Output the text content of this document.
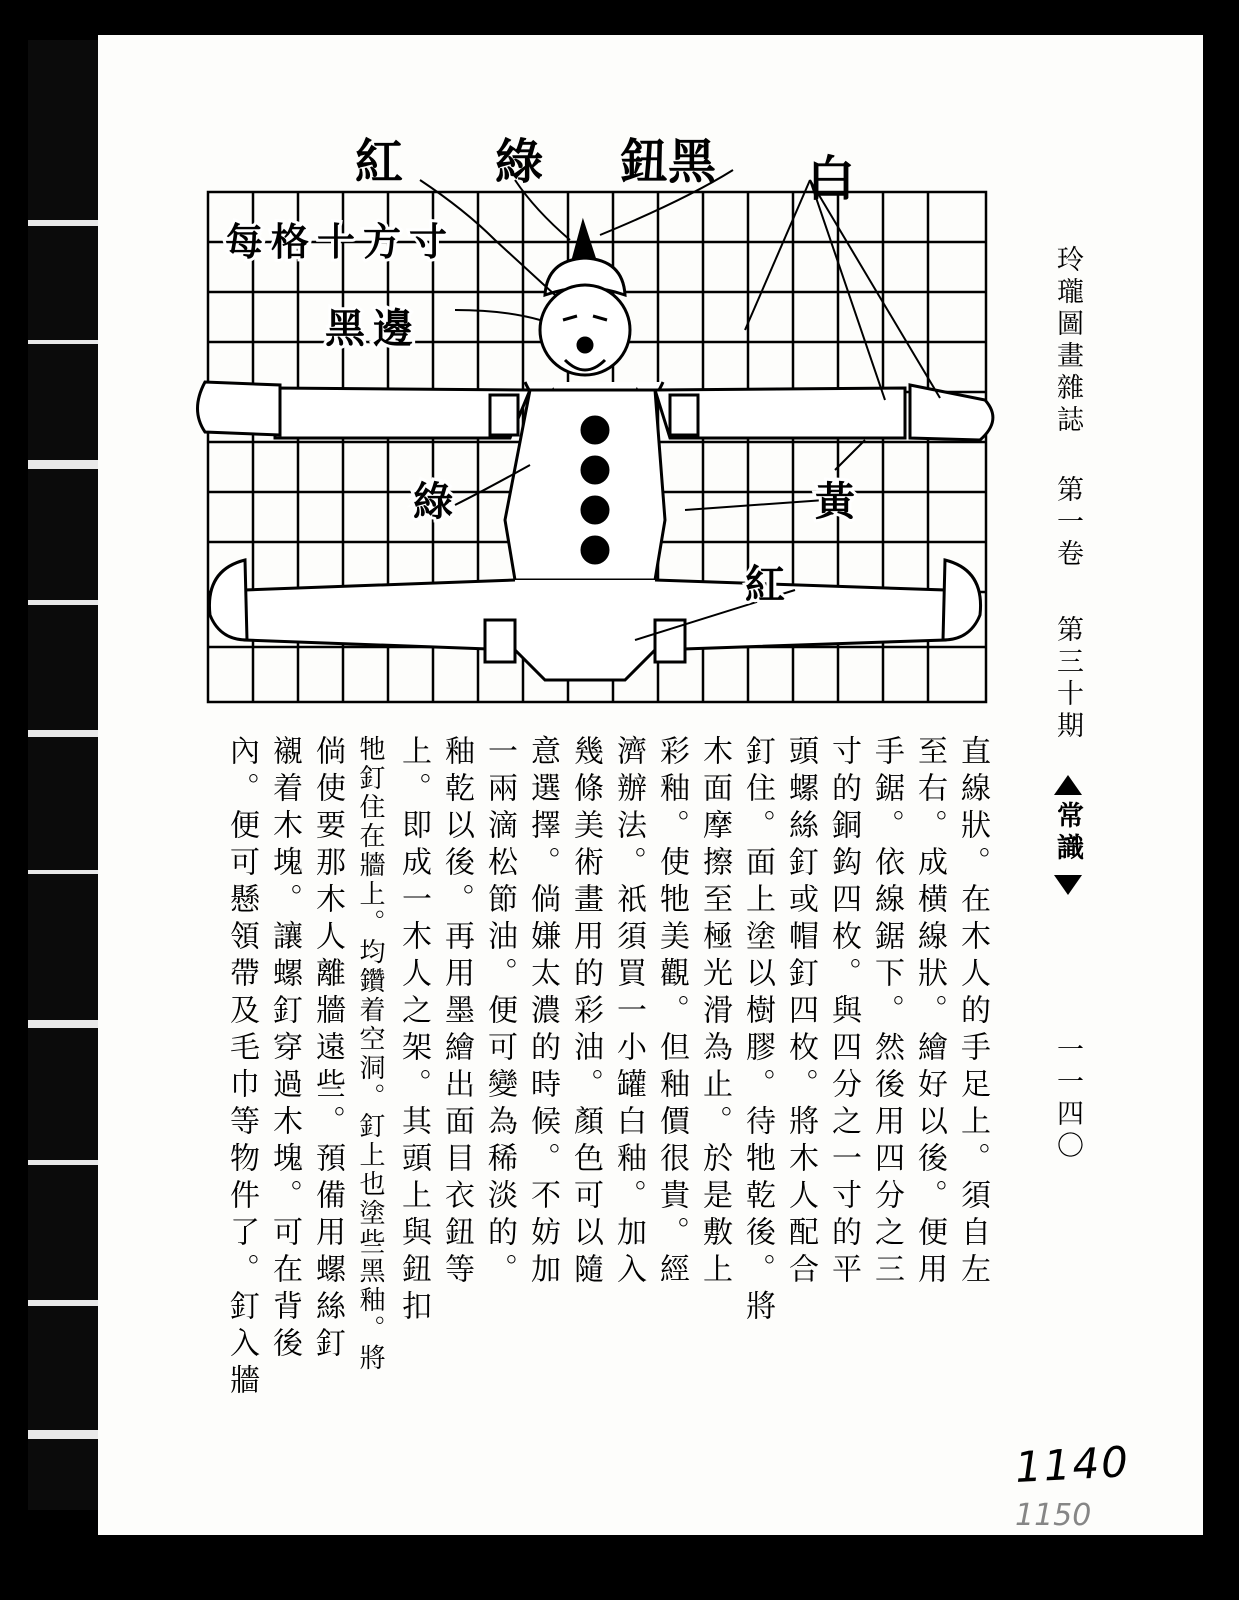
紅 綠 鈕黑 白
每格十方寸
黑邊
綠	黃
紅
直線狀。在木人的手足上。須自左
至右。成横線狀。繪好以後。便用
手鋸。依線鋸下。然後用四分之三
寸的銅鈎四枚。與四分之一寸的平
頭螺絲釘或帽釘四枚。將木人配合
釘住。面上塗以樹膠。待牠乾後。將
木面摩擦至極光滑為止。於是敷上
彩釉。使牠美觀。但釉價很貴。經
濟辦法。祇須買一小罐白釉。加入
幾條美術畫用的彩油。顏色可以隨
意選擇。倘嫌太濃的時候。不妨加
一兩滴松節油。便可變為稀淡的。
釉乾以後。再用墨繪出面目衣鈕等
上。即成一木人之架。其頭上與鈕扣
牠釘住在牆上。均鑽着空洞。釘上也塗些黑釉。將
倘使要那木人離牆遠些。預備用螺絲釘
襯着木塊。讓螺釘穿過木塊。可在背後
內。便可懸領帶及毛巾等物件了。釘入牆
玲瓏圖畫雜誌
第一卷
第三十期
常識
一一四〇
1140
1150
